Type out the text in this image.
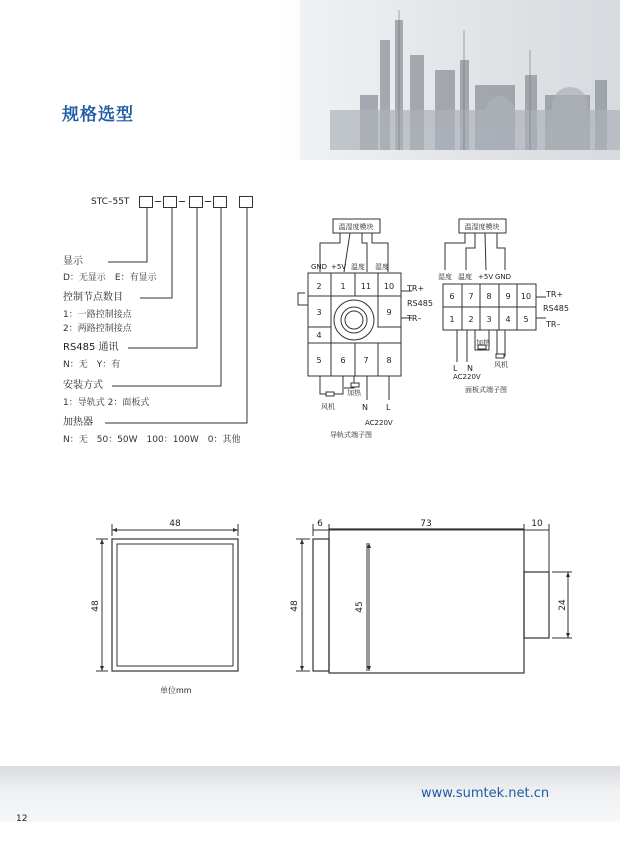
规格选型
STC–55T
显示
D：无显示　E：有显示
控制节点数目
1：一路控制接点
2：两路控制接点
RS485 通讯
N：无　Y：有
安装方式
1：导轨式 2：面板式
加热器
N：无　50：50W　100：100W　0：其他
温湿度模块
GND +5V 温度 湿度
2 1 11 10
3	9
4
5 6 7 8
TR+
RS485
TR–
加热
风机	N L
AC220V
导轨式端子图
温湿度模块
湿度 温度 +5V GND
6 7 8 9 10
1 2 3 4 5
TR+
RS485
TR–
加热
L N
AC220V
风机
面板式端子图
48
48
单位mm
6	73	10
48	45	24
www.sumtek.net.cn
12
